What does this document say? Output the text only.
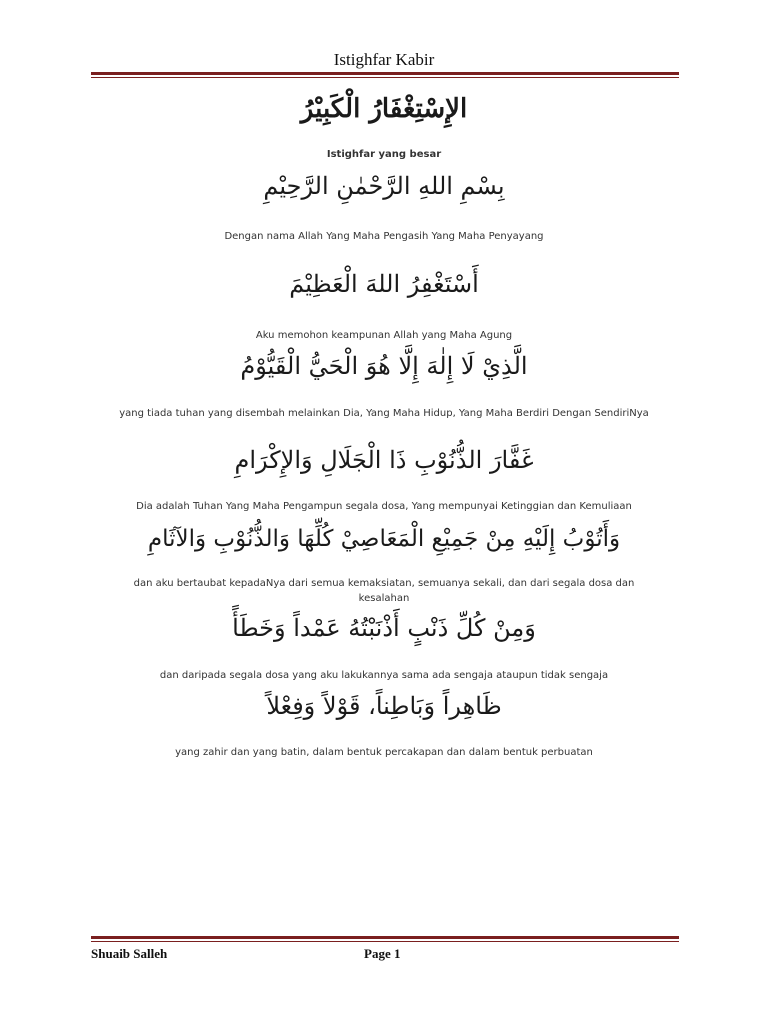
Istighfar Kabir
الإِسْتِغْفَارُ الْكَبِيْرُ
Istighfar yang besar
بِسْمِ اللهِ الرَّحْمٰنِ الرَّحِيْمِ
Dengan nama Allah Yang Maha Pengasih Yang Maha Penyayang
أَسْتَغْفِرُ اللهَ الْعَظِيْمَ
Aku memohon keampunan Allah yang Maha Agung
الَّذِيْ لَا إِلٰهَ إِلَّا هُوَ الْحَيُّ الْقَيُّوْمُ
yang tiada tuhan yang disembah melainkan Dia, Yang Maha Hidup, Yang Maha Berdiri Dengan SendiriNya
غَفَّارَ الذُّنُوْبِ ذَا الْجَلَالِ وَالإِكْرَامِ
Dia adalah Tuhan Yang Maha Pengampun segala dosa, Yang mempunyai Ketinggian dan Kemuliaan
وَأَتُوْبُ إِلَيْهِ مِنْ جَمِيْعِ الْمَعَاصِيْ كُلِّهَا وَالذُّنُوْبِ وَالآثَامِ
dan aku bertaubat kepadaNya dari semua kemaksiatan, semuanya sekali, dan dari segala dosa dan kesalahan
وَمِنْ كُلِّ ذَنْبٍ أَذْنَبْتُهُ عَمْداً وَخَطَأً
dan daripada segala dosa yang aku lakukannya sama ada sengaja ataupun tidak sengaja
ظَاهِراً وَبَاطِناً، قَوْلاً وَفِعْلاً
yang zahir dan yang batin, dalam bentuk percakapan dan dalam bentuk perbuatan
Shuaib Salleh	Page 1
